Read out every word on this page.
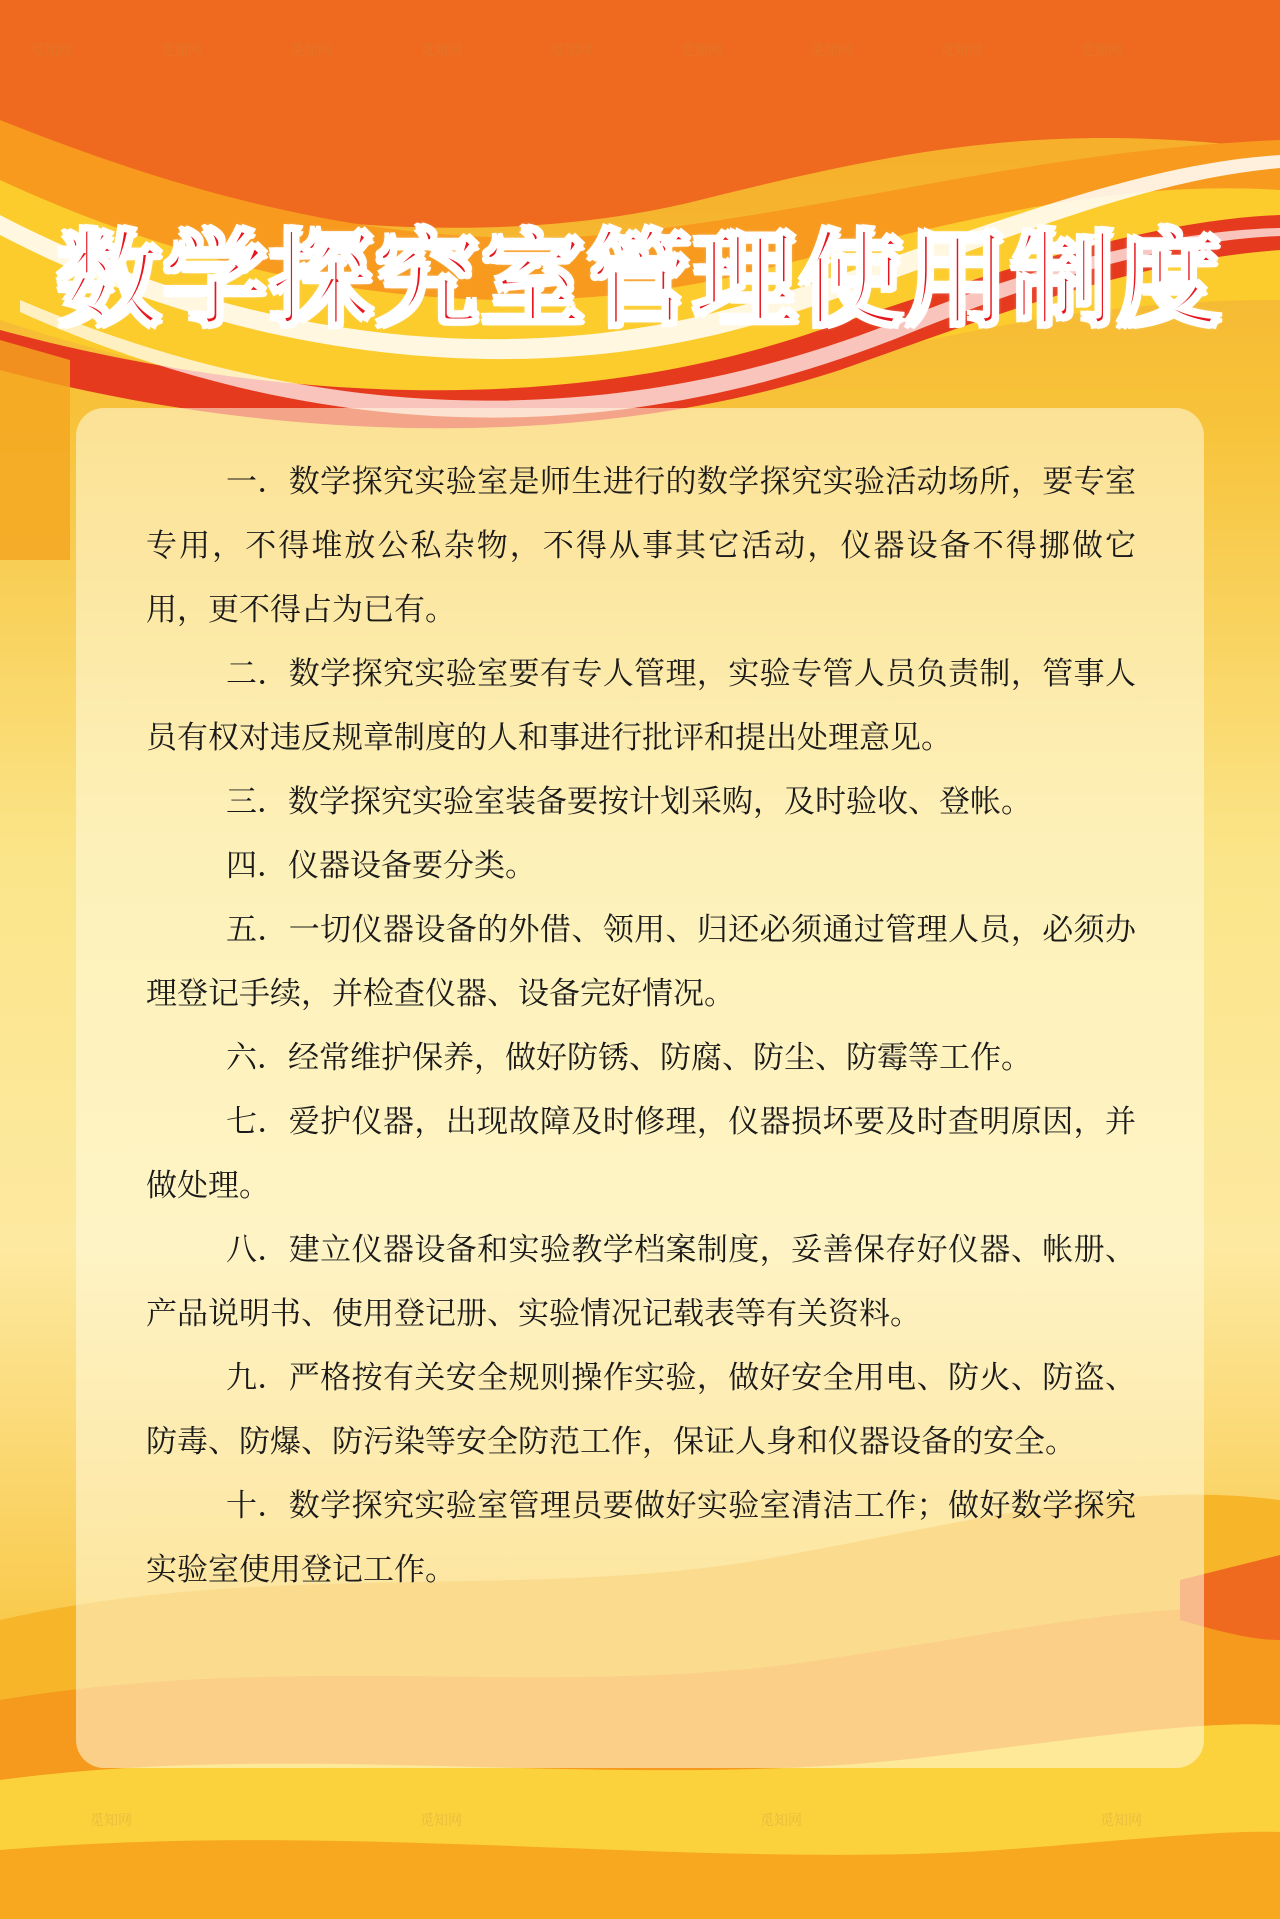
觅知网	觅知网	觅知网	觅知网	觅知网	觅知网	觅知网	觅知网	觅知网
觅知网	觅知网	觅知网	觅知网
数学探究室管理使用制度

一．数学探究实验室是师生进行的数学探究实验活动场所，要专室专用，不得堆放公私杂物，不得从事其它活动，仪器设备不得挪做它用，更不得占为已有。

二．数学探究实验室要有专人管理，实验专管人员负责制，管事人员有权对违反规章制度的人和事进行批评和提出处理意见。

三．数学探究实验室装备要按计划采购，及时验收、登帐。

四．仪器设备要分类。

五．一切仪器设备的外借、领用、归还必须通过管理人员，必须办理登记手续，并检查仪器、设备完好情况。

六．经常维护保养，做好防锈、防腐、防尘、防霉等工作。

七．爱护仪器，出现故障及时修理，仪器损坏要及时查明原因，并做处理。

八．建立仪器设备和实验教学档案制度，妥善保存好仪器、帐册、产品说明书、使用登记册、实验情况记载表等有关资料。

九．严格按有关安全规则操作实验，做好安全用电、防火、防盗、防毒、防爆、防污染等安全防范工作，保证人身和仪器设备的安全。

十．数学探究实验室管理员要做好实验室清洁工作；做好数学探究实验室使用登记工作。
